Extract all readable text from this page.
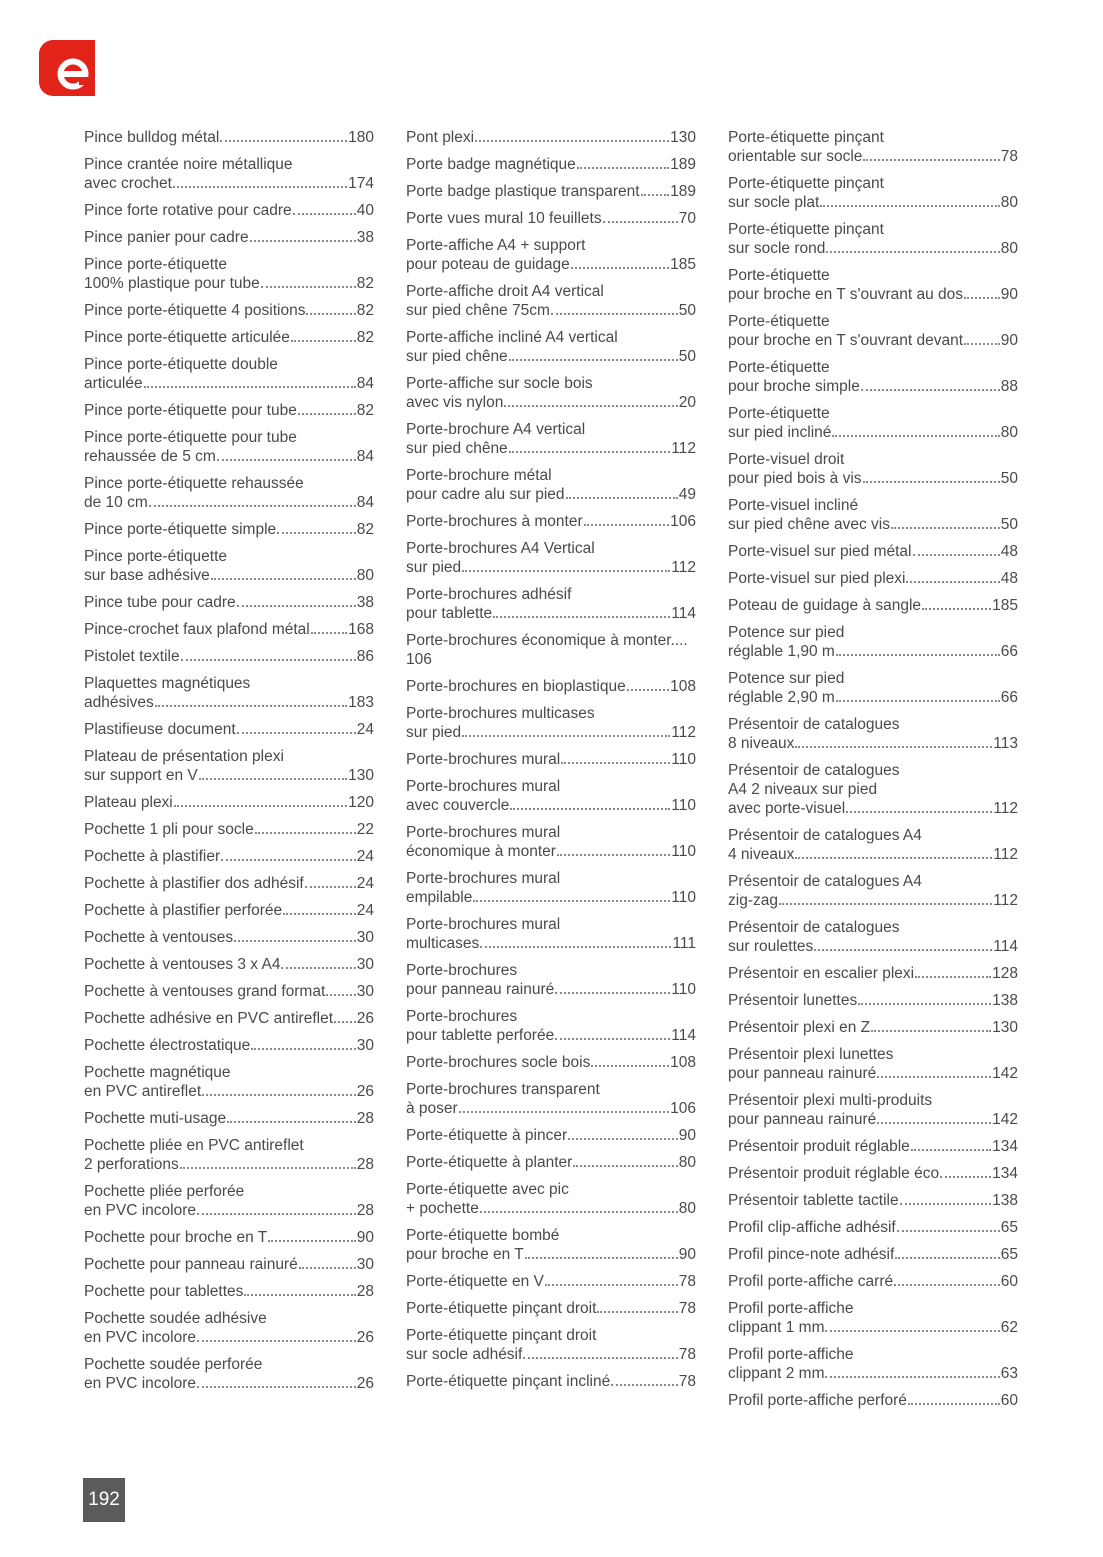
Pince bulldog métal	180
Pince crantée noire métallique
avec crochet	174
Pince forte rotative pour cadre	40
Pince panier pour cadre	38
Pince porte-étiquette
100% plastique pour tube	82
Pince porte-étiquette 4 positions	82
Pince porte-étiquette articulée	82
Pince porte-étiquette double
articulée	84
Pince porte-étiquette pour tube	82
Pince porte-étiquette pour tube
rehaussée de 5 cm	84
Pince porte-étiquette rehaussée
de 10 cm	84
Pince porte-étiquette simple	82
Pince porte-étiquette
sur base adhésive	80
Pince tube pour cadre	38
Pince-crochet faux plafond métal 168
Pistolet textile	86
Plaquettes magnétiques
adhésives	183
Plastifieuse document	24
Plateau de présentation plexi
sur support en V	130
Plateau plexi	120
Pochette 1 pli pour socle	22
Pochette à plastifier	24
Pochette à plastifier dos adhésif	24
Pochette à plastifier perforée	24
Pochette à ventouses	30
Pochette à ventouses 3 x A4	30
Pochette à ventouses grand format 30
Pochette adhésive en PVC antireflet 26
Pochette électrostatique	30
Pochette magnétique
en PVC antireflet	26
Pochette muti-usage	28
Pochette pliée en PVC antireflet
2 perforations	28
Pochette pliée perforée
en PVC incolore	28
Pochette pour broche en T	90
Pochette pour panneau rainuré	30
Pochette pour tablettes	28
Pochette soudée adhésive
en PVC incolore	26
Pochette soudée perforée
en PVC incolore	26
Pont plexi	130
Porte badge magnétique	189
Porte badge plastique transparent 189
Porte vues mural 10 feuillets	70
Porte-affiche A4 + support
pour poteau de guidage	185
Porte-affiche droit A4 vertical
sur pied chêne 75cm	50
Porte-affiche incliné A4 vertical
sur pied chêne	50
Porte-affiche sur socle bois
avec vis nylon	20
Porte-brochure A4 vertical
sur pied chêne	112
Porte-brochure métal
pour cadre alu sur pied	49
Porte-brochures à monter	106
Porte-brochures A4 Vertical
sur pied	112
Porte-brochures adhésif
pour tablette	114
Porte-brochures économique à monter....
106
Porte-brochures en bioplastique	108
Porte-brochures multicases
sur pied	112
Porte-brochures mural	110
Porte-brochures mural
avec couvercle	110
Porte-brochures mural
économique à monter	110
Porte-brochures mural
empilable	110
Porte-brochures mural
multicases	111
Porte-brochures
pour panneau rainuré	110
Porte-brochures
pour tablette perforée	114
Porte-brochures socle bois	108
Porte-brochures transparent
à poser	106
Porte-étiquette à pincer	90
Porte-étiquette à planter	80
Porte-étiquette avec pic
+ pochette	80
Porte-étiquette bombé
pour broche en T	90
Porte-étiquette en V	78
Porte-étiquette pinçant droit	78
Porte-étiquette pinçant droit
sur socle adhésif	78
Porte-étiquette pinçant incliné	78
Porte-étiquette pinçant
orientable sur socle	78
Porte-étiquette pinçant
sur socle plat	80
Porte-étiquette pinçant
sur socle rond	80
Porte-étiquette
pour broche en T s'ouvrant au dos 90
Porte-étiquette
pour broche en T s'ouvrant devant 90
Porte-étiquette
pour broche simple	88
Porte-étiquette
sur pied incliné	80
Porte-visuel droit
pour pied bois à vis	50
Porte-visuel incliné
sur pied chêne avec vis	50
Porte-visuel sur pied métal	48
Porte-visuel sur pied plexi	48
Poteau de guidage à sangle	185
Potence sur pied
réglable 1,90 m	66
Potence sur pied
réglable 2,90 m	66
Présentoir de catalogues
8 niveaux	113
Présentoir de catalogues
A4 2 niveaux sur pied
avec porte-visuel	112
Présentoir de catalogues A4
4 niveaux	112
Présentoir de catalogues A4
zig-zag	112
Présentoir de catalogues
sur roulettes	114
Présentoir en escalier plexi	128
Présentoir lunettes	138
Présentoir plexi en Z	130
Présentoir plexi lunettes
pour panneau rainuré	142
Présentoir plexi multi-produits
pour panneau rainuré	142
Présentoir produit réglable	134
Présentoir produit réglable éco	134
Présentoir tablette tactile	138
Profil clip-affiche adhésif	65
Profil pince-note adhésif	65
Profil porte-affiche carré	60
Profil porte-affiche
clippant 1 mm	62
Profil porte-affiche
clippant 2 mm	63
Profil porte-affiche perforé	60
192
